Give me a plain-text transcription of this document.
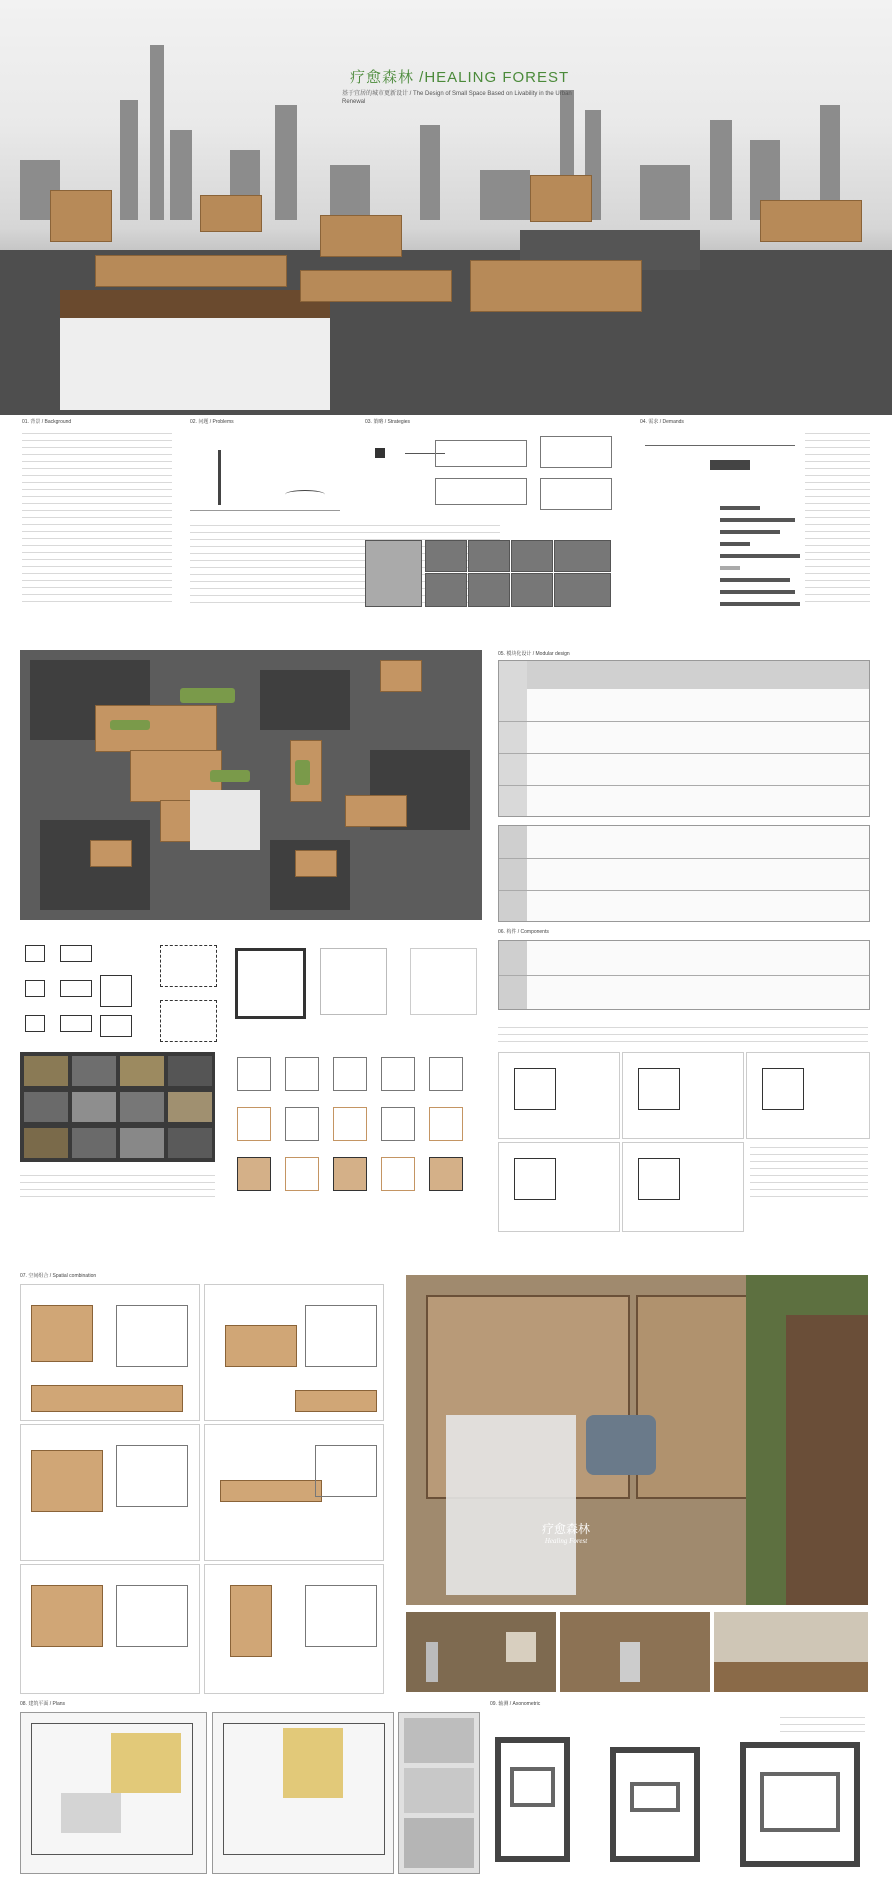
疗愈森林 /HEALING FOREST
基于宜居的城市更新设计 / The Design of Small Space Based on Livability in the Urban Renewal
01. 背景 / Background	02. 问题 / Problems	03. 策略 / Strategies	04. 需求 / Demands
05. 模块化设计 / Modular design
06. 构件 / Components
07. 空间组合 / Spatial combination
疗愈森林
Healing Forest
08. 建筑平面 / Plans	09. 轴测 / Axonometric
